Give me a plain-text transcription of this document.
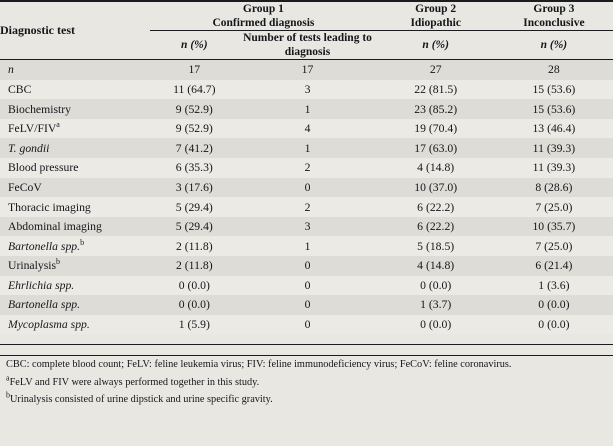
Diagnostic test	
Group 1
Confirmed diagnosis

Group 2
Idiopathic

Group 3
Inconclusive

	n (%)	Number of tests leading to diagnosis	n (%)	n (%)

n	17	17	27	28
CBC	11 (64.7)	3	22 (81.5)	15 (53.6)
Biochemistry	9 (52.9)	1	23 (85.2)	15 (53.6)
FeLV/FIV$^a$	9 (52.9)	4	19 (70.4)	13 (46.4)
T. gondii	7 (41.2)	1	17 (63.0)	11 (39.3)
Blood pressure	6 (35.3)	2	4 (14.8)	11 (39.3)
FeCoV	3 (17.6)	0	10 (37.0)	8 (28.6)
Thoracic imaging	5 (29.4)	2	6 (22.2)	7 (25.0)
Abdominal imaging	5 (29.4)	3	6 (22.2)	10 (35.7)
Bartonella spp.$^b$	2 (11.8)	1	5 (18.5)	7 (25.0)
Urinalysis$^b$	2 (11.8)	0	4 (14.8)	6 (21.4)
Ehrlichia spp.	0 (0.0)	0	0 (0.0)	1 (3.6)
Bartonella spp.	0 (0.0)	0	1 (3.7)	0 (0.0)
Mycoplasma spp.	1 (5.9)	0	0 (0.0)	0 (0.0)

CBC: complete blood count; FeLV: feline leukemia virus; FIV: feline immunodeficiency virus; FeCoV: feline coronavirus.
$^a$FeLV and FIV were always performed together in this study.
$^b$Urinalysis consisted of urine dipstick and urine specific gravity.
